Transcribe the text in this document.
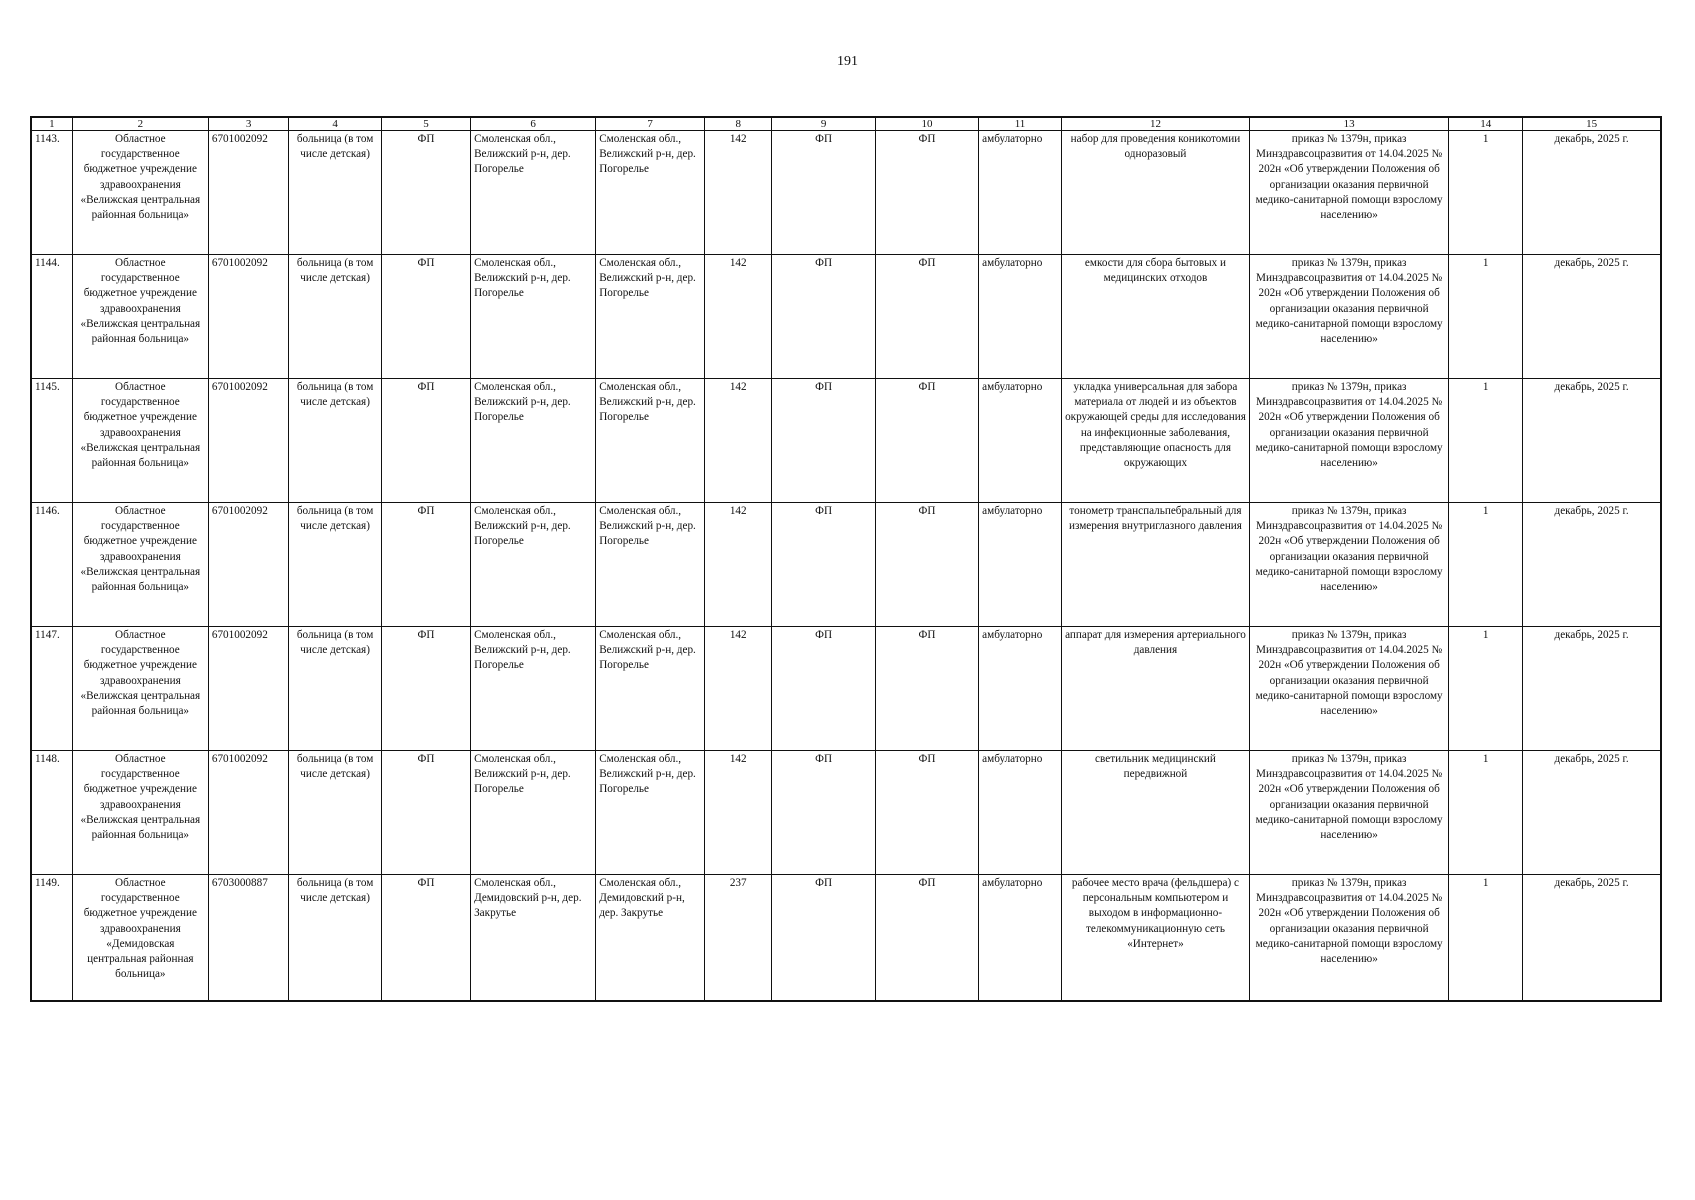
191
1	2	3	4	5	6	7	8	9	10	11	12	13	14	15
1143.	Областное государственное бюджетное учреждение здравоохранения «Велижская центральная районная больница»	6701002092	больница (в том числе детская)	ФП	Смоленская обл., Велижский р-н, дер. Погорелье	Смоленская обл., Велижский р-н, дер. Погорелье	142	ФП	ФП	амбулаторно	набор для проведения коникотомии одноразовый	приказ № 1379н, приказ Минздравсоцразвития от 14.04.2025 № 202н «Об утверждении Положения об организации оказания первичной медико-санитарной помощи взрослому населению»	1	декабрь, 2025 г.
1144.	Областное государственное бюджетное учреждение здравоохранения «Велижская центральная районная больница»	6701002092	больница (в том числе детская)	ФП	Смоленская обл., Велижский р-н, дер. Погорелье	Смоленская обл., Велижский р-н, дер. Погорелье	142	ФП	ФП	амбулаторно	емкости для сбора бытовых и медицинских отходов	приказ № 1379н, приказ Минздравсоцразвития от 14.04.2025 № 202н «Об утверждении Положения об организации оказания первичной медико-санитарной помощи взрослому населению»	1	декабрь, 2025 г.
1145.	Областное государственное бюджетное учреждение здравоохранения «Велижская центральная районная больница»	6701002092	больница (в том числе детская)	ФП	Смоленская обл., Велижский р-н, дер. Погорелье	Смоленская обл., Велижский р-н, дер. Погорелье	142	ФП	ФП	амбулаторно	укладка универсальная для забора материала от людей и из объектов окружающей среды для исследования на инфекционные заболевания, представляющие опасность для окружающих	приказ № 1379н, приказ Минздравсоцразвития от 14.04.2025 № 202н «Об утверждении Положения об организации оказания первичной медико-санитарной помощи взрослому населению»	1	декабрь, 2025 г.
1146.	Областное государственное бюджетное учреждение здравоохранения «Велижская центральная районная больница»	6701002092	больница (в том числе детская)	ФП	Смоленская обл., Велижский р-н, дер. Погорелье	Смоленская обл., Велижский р-н, дер. Погорелье	142	ФП	ФП	амбулаторно	тонометр транспальпебральный для измерения внутриглазного давления	приказ № 1379н, приказ Минздравсоцразвития от 14.04.2025 № 202н «Об утверждении Положения об организации оказания первичной медико-санитарной помощи взрослому населению»	1	декабрь, 2025 г.
1147.	Областное государственное бюджетное учреждение здравоохранения «Велижская центральная районная больница»	6701002092	больница (в том числе детская)	ФП	Смоленская обл., Велижский р-н, дер. Погорелье	Смоленская обл., Велижский р-н, дер. Погорелье	142	ФП	ФП	амбулаторно	аппарат для измерения артериального давления	приказ № 1379н, приказ Минздравсоцразвития от 14.04.2025 № 202н «Об утверждении Положения об организации оказания первичной медико-санитарной помощи взрослому населению»	1	декабрь, 2025 г.
1148.	Областное государственное бюджетное учреждение здравоохранения «Велижская центральная районная больница»	6701002092	больница (в том числе детская)	ФП	Смоленская обл., Велижский р-н, дер. Погорелье	Смоленская обл., Велижский р-н, дер. Погорелье	142	ФП	ФП	амбулаторно	светильник медицинский передвижной	приказ № 1379н, приказ Минздравсоцразвития от 14.04.2025 № 202н «Об утверждении Положения об организации оказания первичной медико-санитарной помощи взрослому населению»	1	декабрь, 2025 г.
1149.	Областное государственное бюджетное учреждение здравоохранения «Демидовская центральная районная больница»	6703000887	больница (в том числе детская)	ФП	Смоленская обл., Демидовский р-н, дер. Закрутье	Смоленская обл., Демидовский р-н, дер. Закрутье	237	ФП	ФП	амбулаторно	рабочее место врача (фельдшера) с персональным компьютером и выходом в информационно-телекоммуникационную сеть «Интернет»	приказ № 1379н, приказ Минздравсоцразвития от 14.04.2025 № 202н «Об утверждении Положения об организации оказания первичной медико-санитарной помощи взрослому населению»	1	декабрь, 2025 г.
